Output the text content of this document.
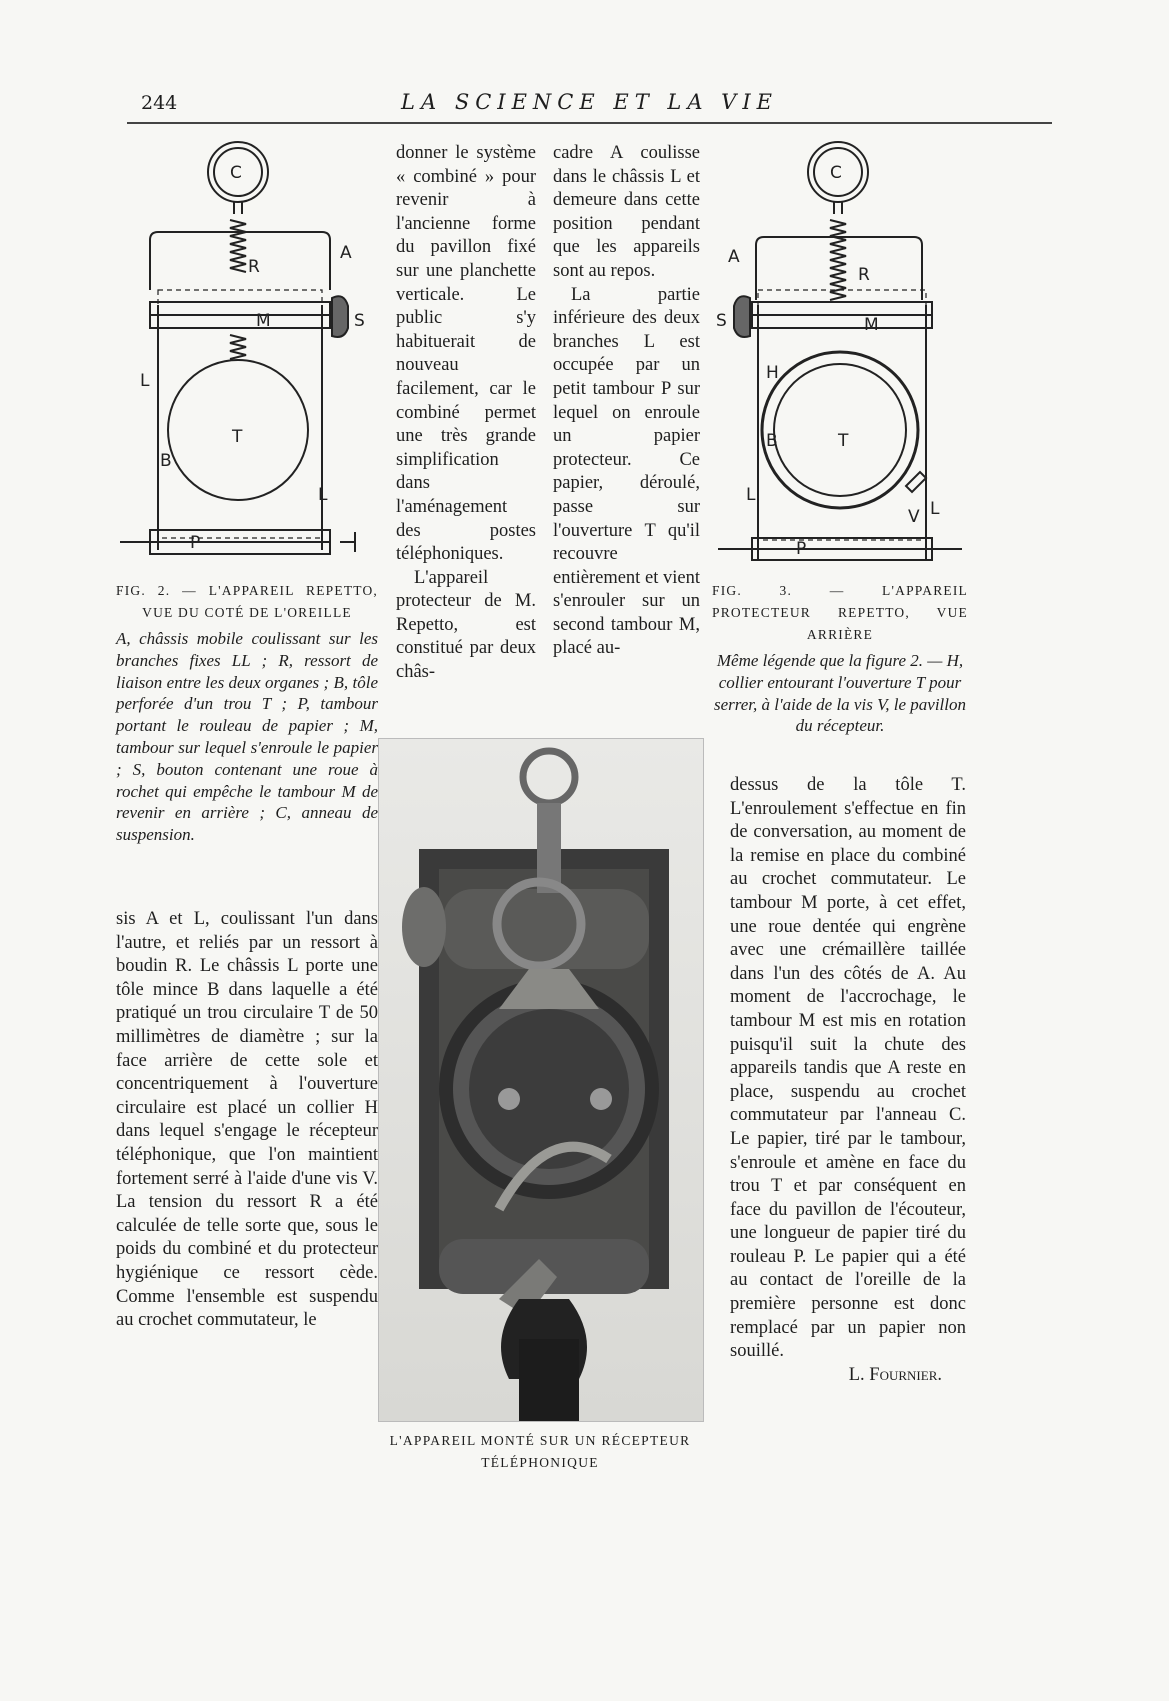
244	LA SCIENCE ET LA VIE
C
R
A
M	S
L
T
B
L
P

FIG. 2. — L'APPAREIL REPETTO, VUE DU COTÉ DE L'OREILLE

A, châssis mobile coulissant sur les branches fixes LL ; R, ressort de liaison entre les deux organes ; B, tôle perforée d'un trou T ; P, tambour portant le rouleau de papier ; M, tambour sur lequel s'enroule le papier ; S, bouton contenant une roue à rochet qui empêche le tambour M de revenir en arrière ; C, anneau de suspension.

sis A et L, coulissant l'un dans l'autre, et reliés par un ressort à boudin R. Le châssis L porte une tôle mince B dans laquelle a été pratiqué un trou circulaire T de 50 millimètres de diamètre ; sur la face arrière de cette sole et concentriquement à l'ouverture circulaire est placé un collier H dans lequel s'engage le récepteur téléphonique, que l'on maintient fortement serré à l'aide d'une vis V. La tension du ressort R a été calculée de telle sorte que, sous le poids du combiné et du protecteur hygiénique ce ressort cède. Comme l'ensemble est suspendu au crochet commutateur, le

donner le système « combiné » pour revenir à l'ancienne forme du pavillon fixé sur une planchette verticale. Le public s'y habituerait de nouveau facilement, car le combiné permet une très grande simplification dans l'aménagement des postes téléphoniques.

L'appareil protecteur de M. Repetto, est constitué par deux châs-

cadre A coulisse dans le châssis L et demeure dans cette position pendant que les appareils sont au repos.

La partie inférieure des deux branches L est occupée par un petit tambour P sur lequel on enroule un papier protecteur. Ce papier, déroulé, passe sur l'ouverture T qu'il recouvre entièrement et vient s'enrouler sur un second tambour M, placé au-

C
A
R
S	M
H
B	T
L
V L
P

FIG. 3. — L'APPAREIL PROTECTEUR REPETTO, VUE ARRIÈRE

Même légende que la figure 2. — H, collier entourant l'ouverture T pour serrer, à l'aide de la vis V, le pavillon du récepteur.

L'APPAREIL MONTÉ SUR UN RÉCEPTEUR TÉLÉPHONIQUE

dessus de la tôle T. L'enroulement s'effectue en fin de conversation, au moment de la remise en place du combiné au crochet commutateur. Le tambour M porte, à cet effet, une roue dentée qui engrène avec une crémaillère taillée dans l'un des côtés de A. Au moment de l'accrochage, le tambour M est mis en rotation puisqu'il suit la chute des appareils tandis que A reste en place, suspendu au crochet commutateur par l'anneau C. Le papier, tiré par le tambour, s'enroule et amène en face du trou T et par conséquent en face du pavillon de l'écouteur, une longueur de papier tiré du rouleau P. Le papier qui a été au contact de l'oreille de la première personne est donc remplacé par un papier non souillé.

L. Fournier.
